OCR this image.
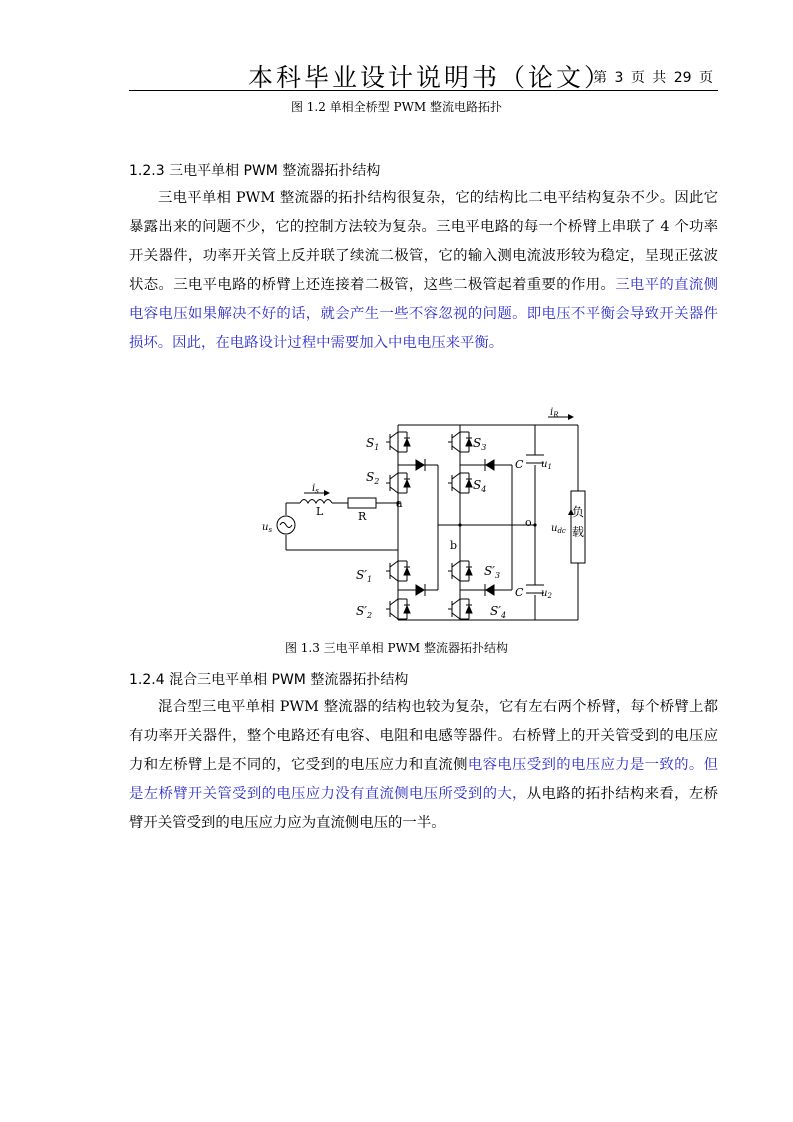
本科毕业设计说明书（论文）
第 3 页 共 29 页
图 1.2 单相全桥型 PWM 整流电路拓扑
1.2.3 三电平单相 PWM 整流器拓扑结构

三电平单相 PWM 整流器的拓扑结构很复杂，它的结构比二电平结构复杂不少。因此它暴露出来的问题不少，它的控制方法较为复杂。三电平电路的每一个桥臂上串联了 4 个功率开关器件，功率开关管上反并联了续流二极管，它的输入测电流波形较为稳定，呈现正弦波状态。三电平电路的桥臂上还连接着二极管，这些二极管起着重要的作用。三电平的直流侧电容电压如果解决不好的话，就会产生一些不容忽视的问题。即电压不平衡会导致开关器件损坏。因此，在电路设计过程中需要加入中电电压来平衡。

$S_1$
$S_2$
$S_3$
$S_4$
$S'_1$
$S'_2$
$S'_3$
$S'_4$
$i_s$
$u_s$
L	R
a
b
o
$i_R$
C $u_1$
C $u_2$
$u_{dc}$
负
载
图 1.3 三电平单相 PWM 整流器拓扑结构
1.2.4 混合三电平单相 PWM 整流器拓扑结构

混合型三电平单相 PWM 整流器的结构也较为复杂，它有左右两个桥臂，每个桥臂上都有功率开关器件，整个电路还有电容、电阻和电感等器件。右桥臂上的开关管受到的电压应力和左桥臂上是不同的，它受到的电压应力和直流侧电容电压受到的电压应力是一致的。但是左桥臂开关管受到的电压应力没有直流侧电压所受到的大，从电路的拓扑结构来看，左桥臂开关管受到的电压应力应为直流侧电压的一半。
